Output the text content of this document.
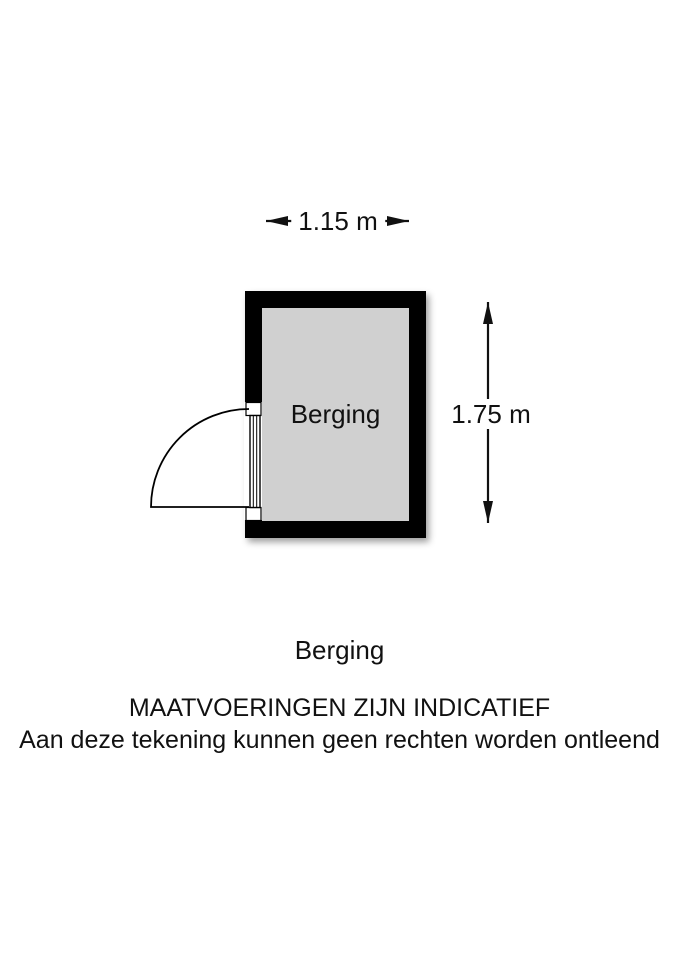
1.15 m
1.75 m
Berging
Berging
MAATVOERINGEN ZIJN INDICATIEF
Aan deze tekening kunnen geen rechten worden ontleend
